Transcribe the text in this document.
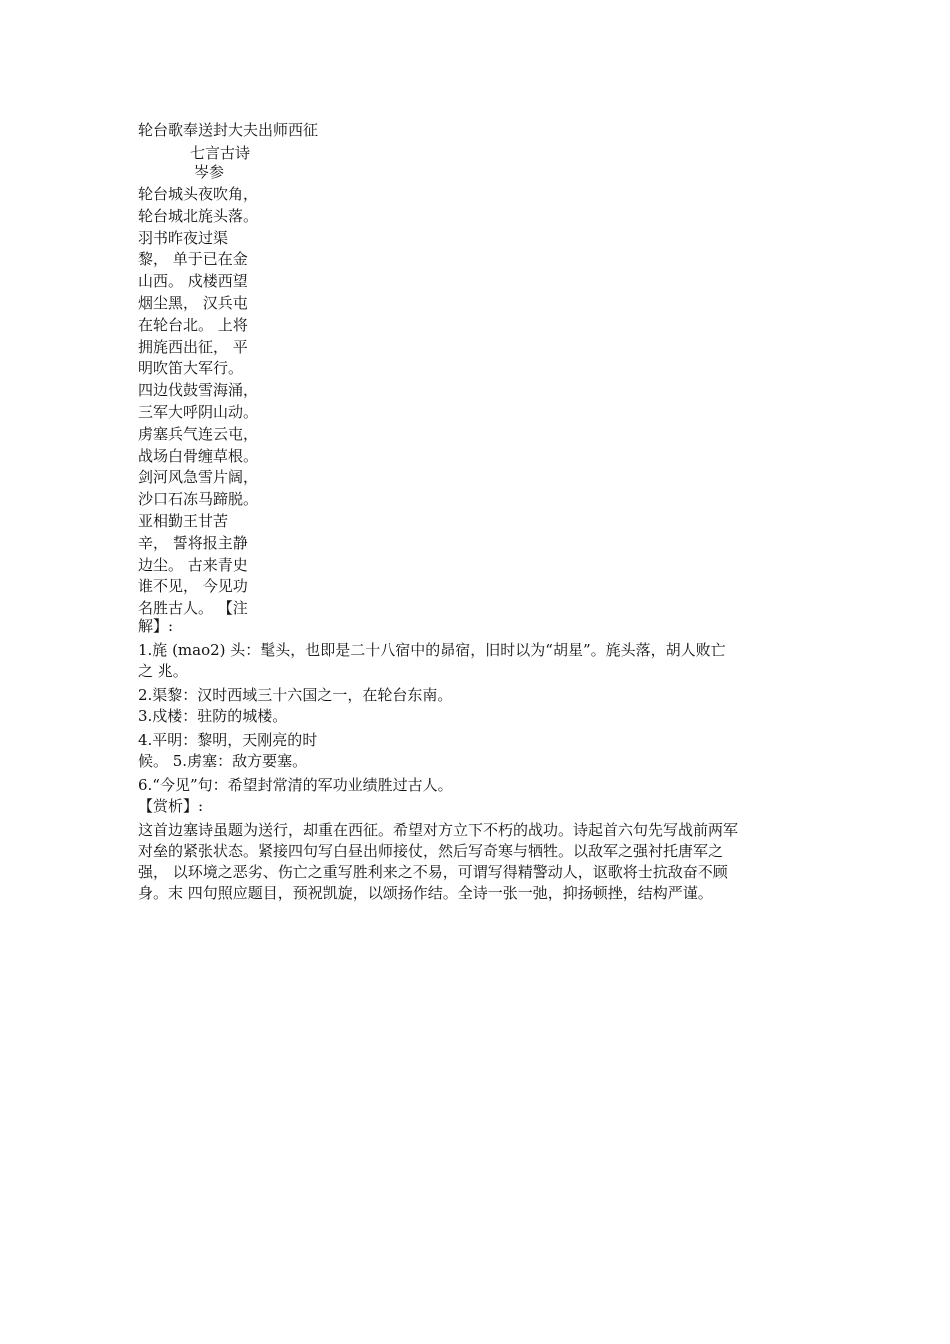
轮台歌奉送封大夫出师西征
七言古诗
岑参
轮台城头夜吹角，
轮台城北旄头落。
羽书昨夜过渠
黎， 单于已在金
山西。 戍楼西望
烟尘黑， 汉兵屯
在轮台北。 上将
拥旄西出征， 平
明吹笛大军行。
四边伐鼓雪海涌，
三军大呼阴山动。
虏塞兵气连云屯，
战场白骨缠草根。
剑河风急雪片阔，
沙口石冻马蹄脱。
亚相勤王甘苦
辛， 誓将报主静
边尘。 古来青史
谁不见， 今见功
名胜古人。 【注
解】:
1.旄 (mao2) 头：髦头，也即是二十八宿中的昴宿，旧时以为“胡星”。旄头落，胡人败亡
之 兆。
2.渠黎：汉时西域三十六国之一，在轮台东南。
3.戍楼：驻防的城楼。
4.平明：黎明，天刚亮的时
候。 5.虏塞：敌方要塞。
6.“今见”句：希望封常清的军功业绩胜过古人。
【赏析】:
这首边塞诗虽题为送行，却重在西征。希望对方立下不朽的战功。诗起首六句先写战前两军
对垒的紧张状态。紧接四句写白昼出师接仗，然后写奇寒与牺牲。以敌军之强衬托唐军之
强， 以环境之恶劣、伤亡之重写胜利来之不易，可谓写得精警动人，讴歌将士抗敌奋不顾
身。末 四句照应题目，预祝凯旋，以颂扬作结。全诗一张一弛，抑扬顿挫，结构严谨。
